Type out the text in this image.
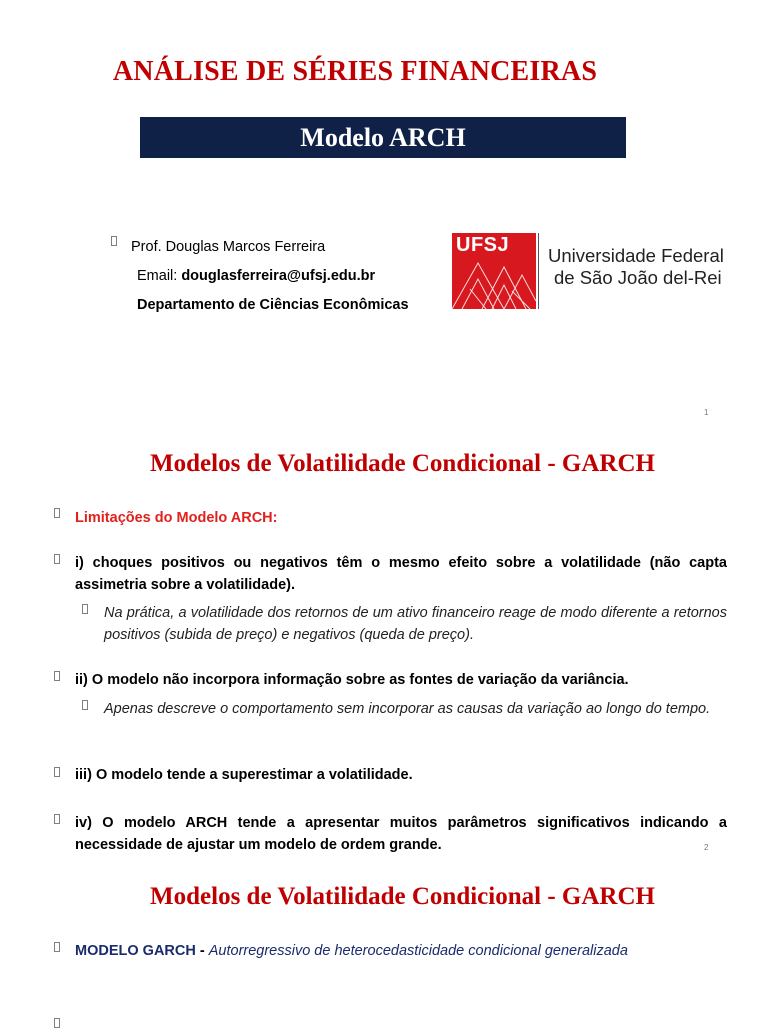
ANÁLISE DE SÉRIES FINANCEIRAS
Modelo ARCH
Prof. Douglas Marcos Ferreira
Email: douglasferreira@ufsj.edu.br
Departamento de Ciências Econômicas
UFSJ Universidade Federal
de São João del-Rei
1
Modelos de Volatilidade Condicional - GARCH
Limitações do Modelo ARCH:
i) choques positivos ou negativos têm o mesmo efeito sobre a volatilidade (não capta assimetria sobre a volatilidade).
Na prática, a volatilidade dos retornos de um ativo financeiro reage de modo diferente a retornos positivos (subida de preço) e negativos (queda de preço).
ii) O modelo não incorpora informação sobre as fontes de variação da variância.
Apenas descreve o comportamento sem incorporar as causas da variação ao longo do tempo.
iii) O modelo tende a superestimar a volatilidade.
iv) O modelo ARCH tende a apresentar muitos parâmetros significativos indicando a necessidade de ajustar um modelo de ordem grande.	2
Modelos de Volatilidade Condicional - GARCH
MODELO GARCH - Autorregressivo de heterocedasticidade condicional generalizada
